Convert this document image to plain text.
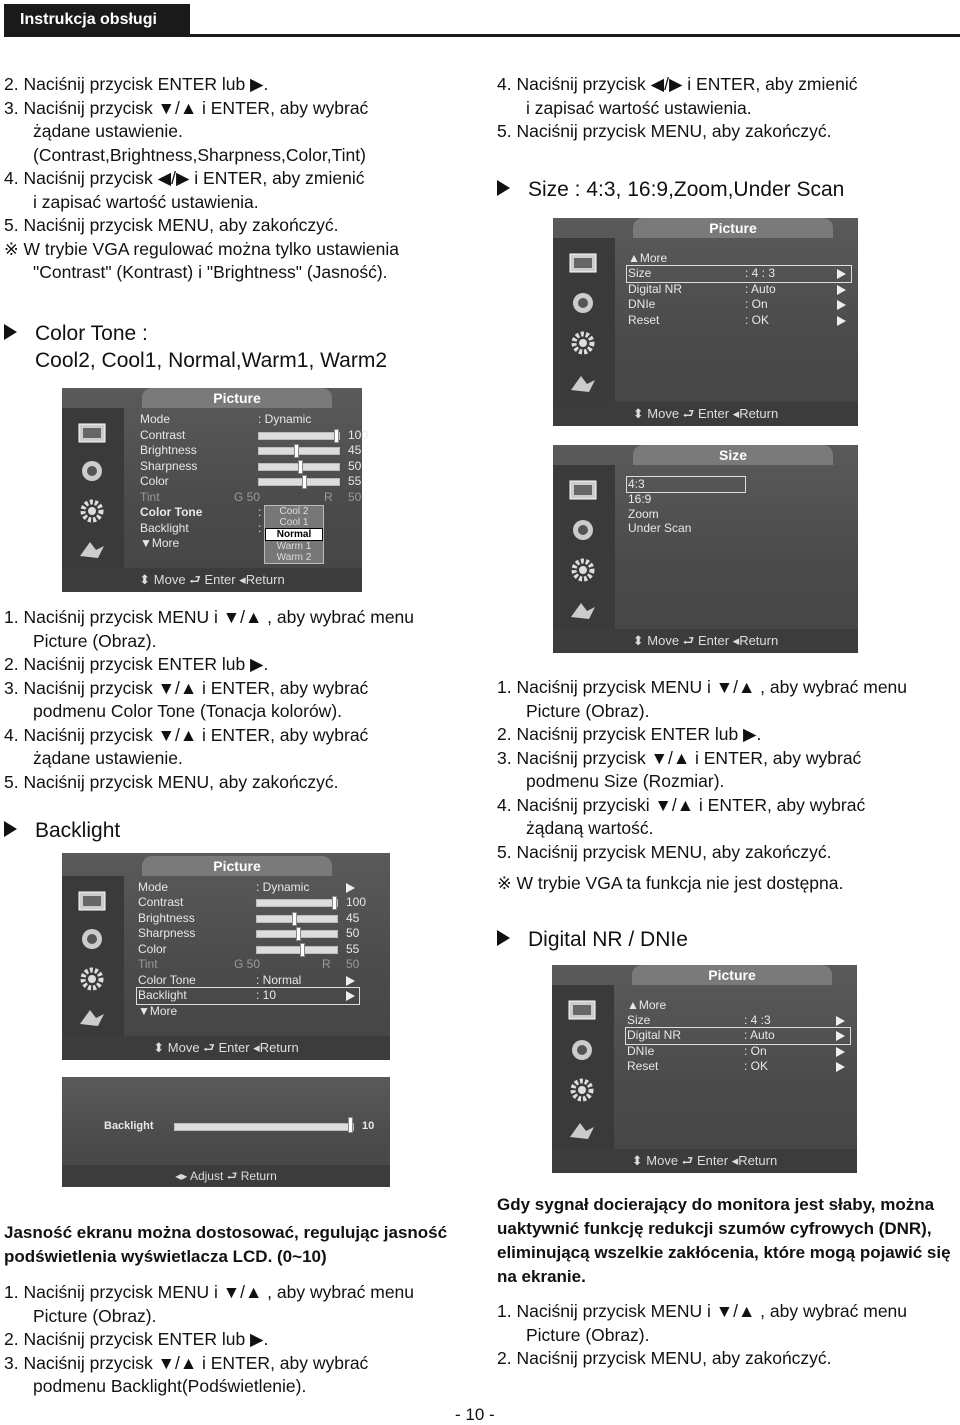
Instrukcja obsługi

2. Naciśnij przycisk ENTER lub ▶.

3. Naciśnij przycisk ▼/▲ i ENTER, aby wybrać

żądane ustawienie.

(Contrast,Brightness,Sharpness,Color,Tint)

4. Naciśnij przycisk ◀/▶ i ENTER, aby zmienić

i zapisać wartość ustawienia.

5. Naciśnij przycisk MENU, aby zakończyć.

※ W trybie VGA regulować można tylko ustawienia

"Contrast" (Kontrast) i "Brightness" (Jasność).

Color Tone :
Cool2, Cool1, Normal,Warm1, Warm2
Picture
Mode	: Dynamic
Contrast	100
Brightness	45
Sharpness	50
Color	55
Tint	G 50	R 50
Color Tone	:
Backlight	:
▼More
Cool 2
Cool 1
Normal
Warm 1
Warm 2
⬍ Move ⮐ Enter ◂Return

1. Naciśnij przycisk MENU i ▼/▲ , aby wybrać menu

Picture (Obraz).

2. Naciśnij przycisk ENTER lub ▶.

3. Naciśnij przycisk ▼/▲ i ENTER, aby wybrać

podmenu Color Tone (Tonacja kolorów).

4. Naciśnij przycisk ▼/▲ i ENTER, aby wybrać

żądane ustawienie.

5. Naciśnij przycisk MENU, aby zakończyć.

Backlight
Picture
Mode	: Dynamic
Contrast	100
Brightness	45
Sharpness	50
Color	55
Tint	G 50	R 50
Color Tone	: Normal
Backlight	: 10
▼More
⬍ Move ⮐ Enter ◂Return
Backlight	10
◂▸ Adjust ⮐ Return
Jasność ekranu można dostosować, regulując jasność podświetlenia wyświetlacza LCD. (0~10)

1. Naciśnij przycisk MENU i ▼/▲ , aby wybrać menu

Picture (Obraz).

2. Naciśnij przycisk ENTER lub ▶.

3. Naciśnij przycisk ▼/▲ i ENTER, aby wybrać

podmenu Backlight(Podświetlenie).

4. Naciśnij przycisk ◀/▶ i ENTER, aby zmienić

i zapisać wartość ustawienia.

5. Naciśnij przycisk MENU, aby zakończyć.

Size : 4:3, 16:9,Zoom,Under Scan
Picture
▲More
Size	: 4 : 3
Digital NR	: Auto
DNIe	: On
Reset	: OK
⬍ Move ⮐ Enter ◂Return
Size
4:3
16:9
Zoom
Under Scan
⬍ Move ⮐ Enter ◂Return

1. Naciśnij przycisk MENU i ▼/▲ , aby wybrać menu

Picture (Obraz).

2. Naciśnij przycisk ENTER lub ▶.

3. Naciśnij przycisk ▼/▲ i ENTER, aby wybrać

podmenu Size (Rozmiar).

4. Naciśnij przyciski ▼/▲ i ENTER, aby wybrać

żądaną wartość.

5. Naciśnij przycisk MENU, aby zakończyć.

※ W trybie VGA ta funkcja nie jest dostępna.

Digital NR / DNIe
Picture
▲More
Size	: 4 :3
Digital NR	: Auto
DNIe	: On
Reset	: OK
⬍ Move ⮐ Enter ◂Return
Gdy sygnał docierający do monitora jest słaby, można uaktywnić funkcję redukcji szumów cyfrowych (DNR), eliminującą wszelkie zakłócenia, które mogą pojawić się na ekranie.

1. Naciśnij przycisk MENU i ▼/▲ , aby wybrać menu

Picture (Obraz).

2. Naciśnij przycisk MENU, aby zakończyć.

- 10 -
